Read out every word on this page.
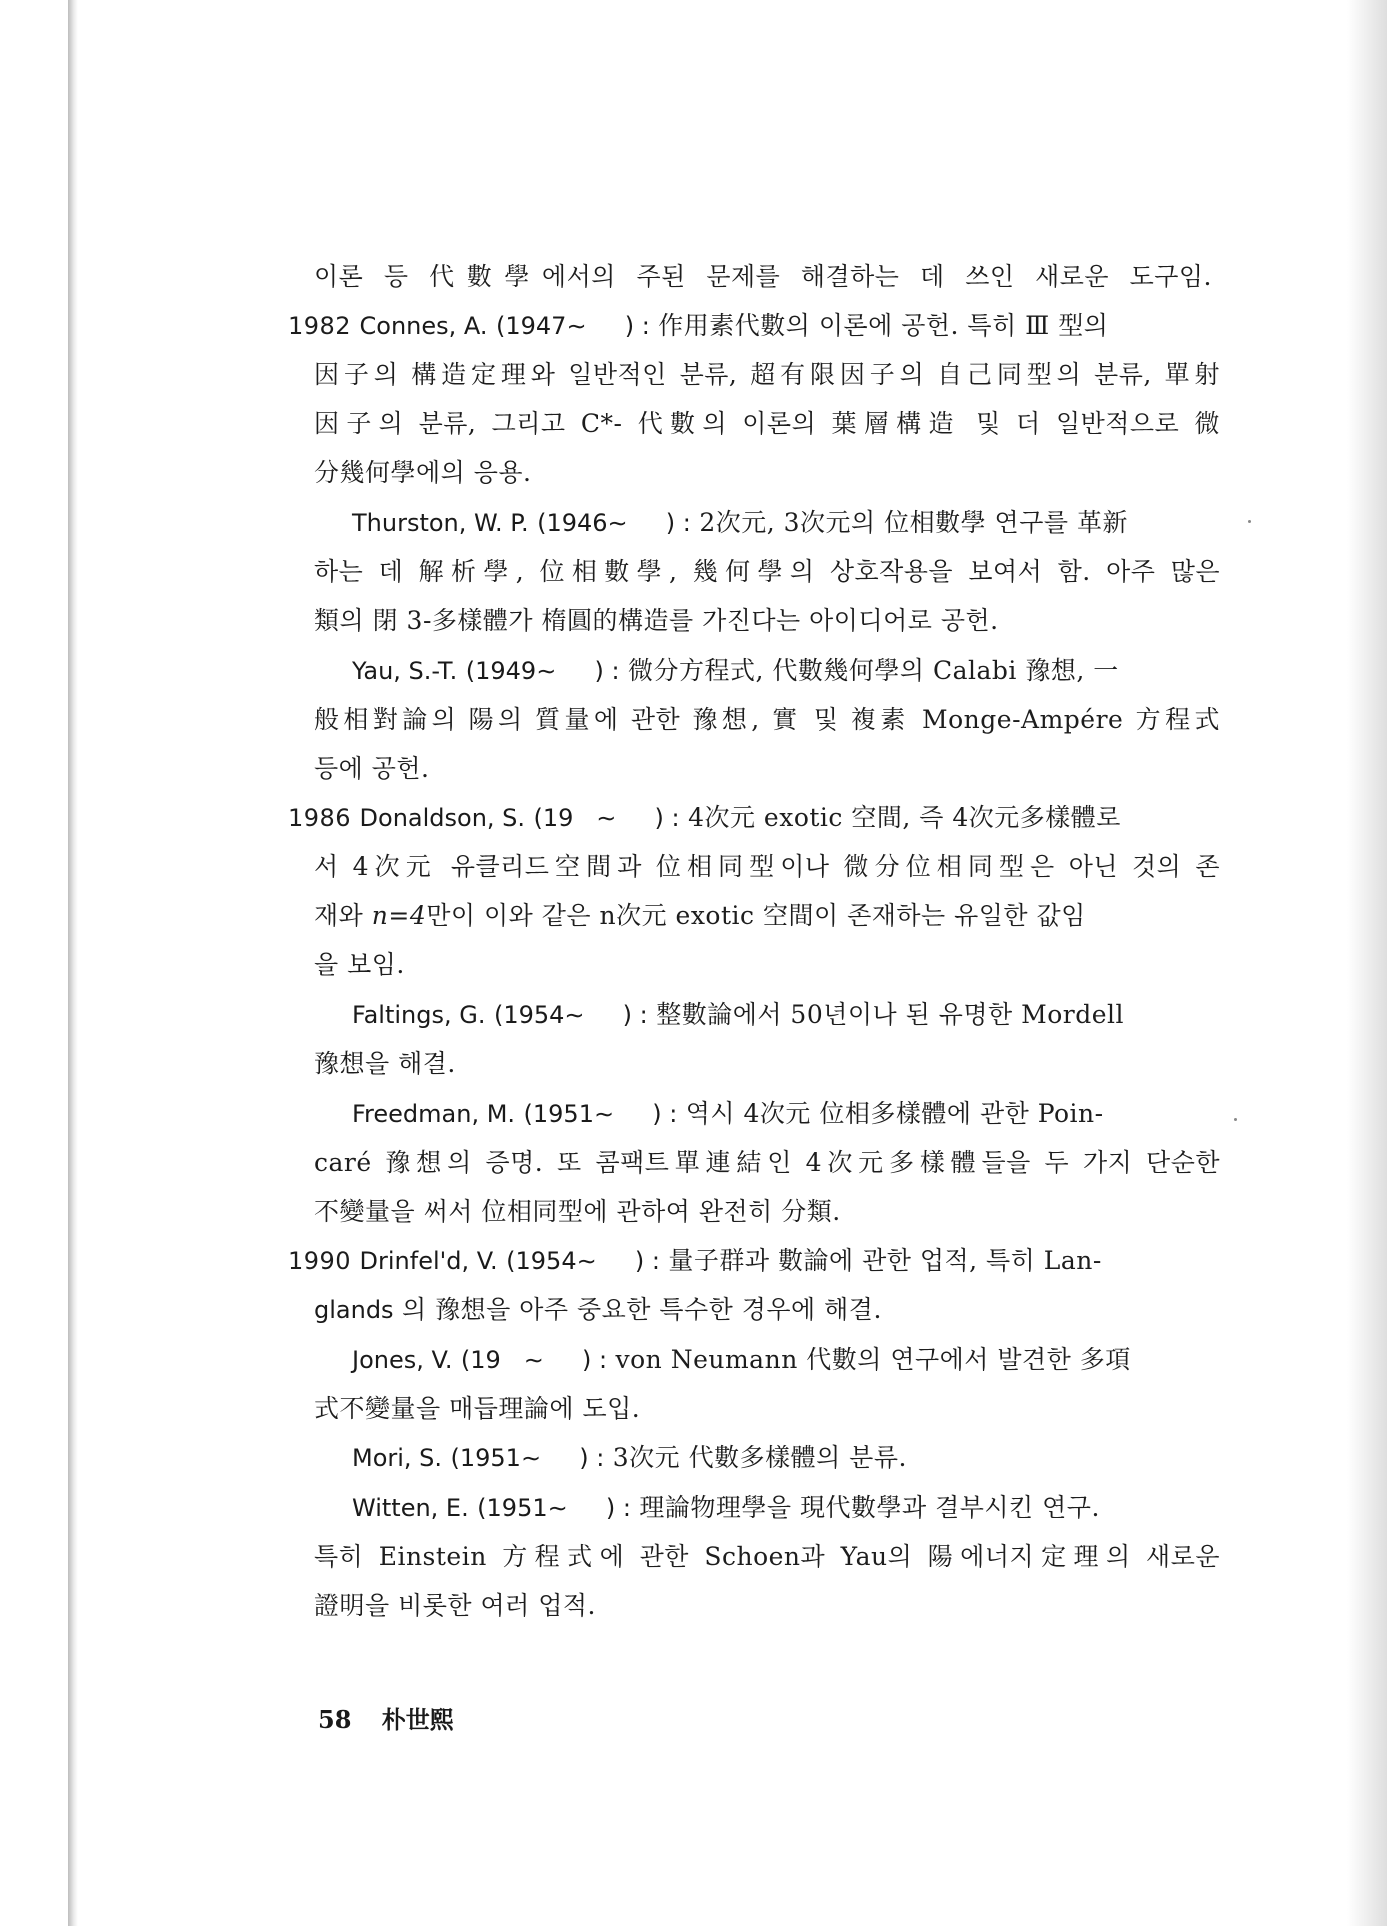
이론 등 代數學에서의 주된 문제를 해결하는 데 쓰인 새로운 도구임.
1982 Connes, A. (1947∼     ) : 作用素代數의 이론에 공헌. 특히 Ⅲ 型의
因子의 構造定理와 일반적인 분류, 超有限因子의 自己同型의 분류, 單射
因子의 분류, 그리고 C*- 代數의 이론의 葉層構造 및 더 일반적으로 微
分幾何學에의 응용.
Thurston, W. P. (1946∼     ) : 2次元, 3次元의 位相數學 연구를 革新
하는 데 解析學, 位相數學, 幾何學의 상호작용을 보여서 함. 아주 많은
類의 閉 3-多樣體가 楕圓的構造를 가진다는 아이디어로 공헌.
Yau, S.-T. (1949∼     ) : 微分方程式, 代數幾何學의 Calabi 豫想, 一
般相對論의 陽의 質量에 관한 豫想, 實 및 複素 Monge-Ampére 方程式
등에 공헌.
1986 Donaldson, S. (19   ∼     ) : 4次元 exotic 空間, 즉 4次元多樣體로
서 4次元 유클리드空間과 位相同型이나 微分位相同型은 아닌 것의 존
재와 n=4만이 이와 같은 n次元 exotic 空間이 존재하는 유일한 값임
을 보임.
Faltings, G. (1954∼     ) : 整數論에서 50년이나 된 유명한 Mordell
豫想을 해결.
Freedman, M. (1951∼     ) : 역시 4次元 位相多樣體에 관한 Poin-
caré 豫想의 증명. 또 콤팩트單連結인 4次元多樣體들을 두 가지 단순한
不變量을 써서 位相同型에 관하여 완전히 分類.
1990 Drinfel'd, V. (1954∼     ) : 量子群과 數論에 관한 업적, 특히 Lan-
glands 의 豫想을 아주 중요한 특수한 경우에 해결.
Jones, V. (19   ∼     ) : von Neumann 代數의 연구에서 발견한 多項
式不變量을 매듭理論에 도입.
Mori, S. (1951∼     ) : 3次元 代數多樣體의 분류.
Witten, E. (1951∼     ) : 理論物理學을 現代數學과 결부시킨 연구.
특히 Einstein 方程式에 관한 Schoen과 Yau의 陽에너지定理의 새로운
證明을 비롯한 여러 업적.
58 朴世熙
